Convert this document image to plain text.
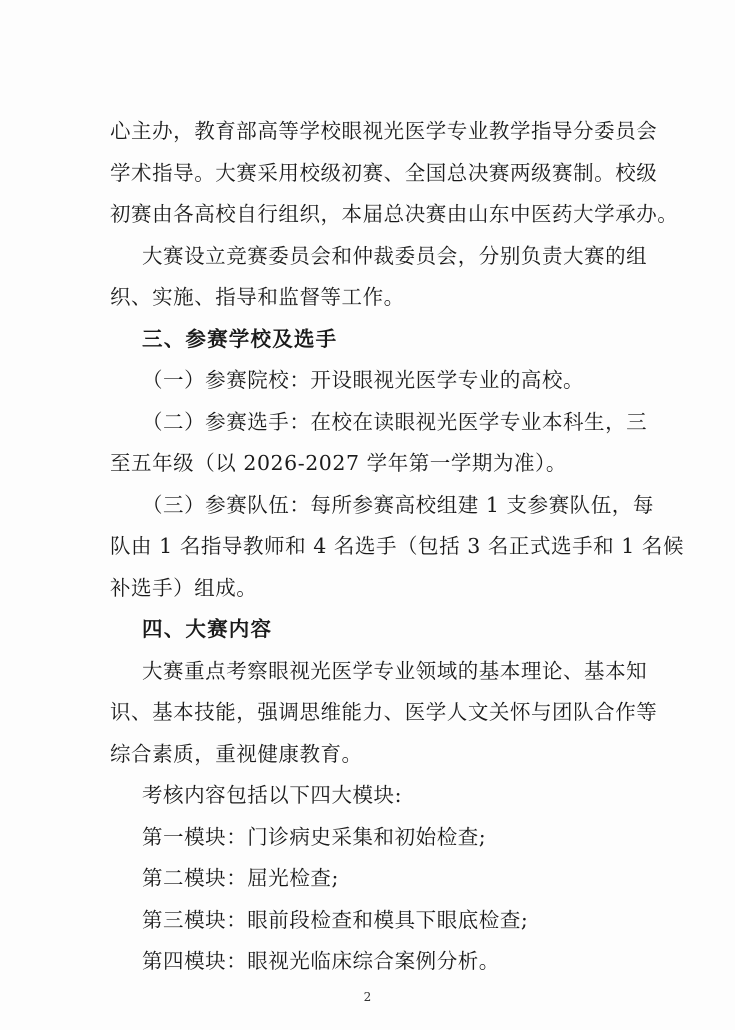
心主办，教育部高等学校眼视光医学专业教学指导分委员会
学术指导。大赛采用校级初赛、全国总决赛两级赛制。校级
初赛由各高校自行组织，本届总决赛由山东中医药大学承办。
大赛设立竞赛委员会和仲裁委员会，分别负责大赛的组
织、实施、指导和监督等工作。
三、参赛学校及选手
（一）参赛院校：开设眼视光医学专业的高校。
（二）参赛选手：在校在读眼视光医学专业本科生，三
至五年级（以 2026-2027 学年第一学期为准）。
（三）参赛队伍：每所参赛高校组建 1 支参赛队伍，每
队由 1 名指导教师和 4 名选手（包括 3 名正式选手和 1 名候
补选手）组成。
四、大赛内容
大赛重点考察眼视光医学专业领域的基本理论、基本知
识、基本技能，强调思维能力、医学人文关怀与团队合作等
综合素质，重视健康教育。
考核内容包括以下四大模块:
第一模块：门诊病史采集和初始检查;
第二模块：屈光检查;
第三模块：眼前段检查和模具下眼底检查;
第四模块：眼视光临床综合案例分析。
2
